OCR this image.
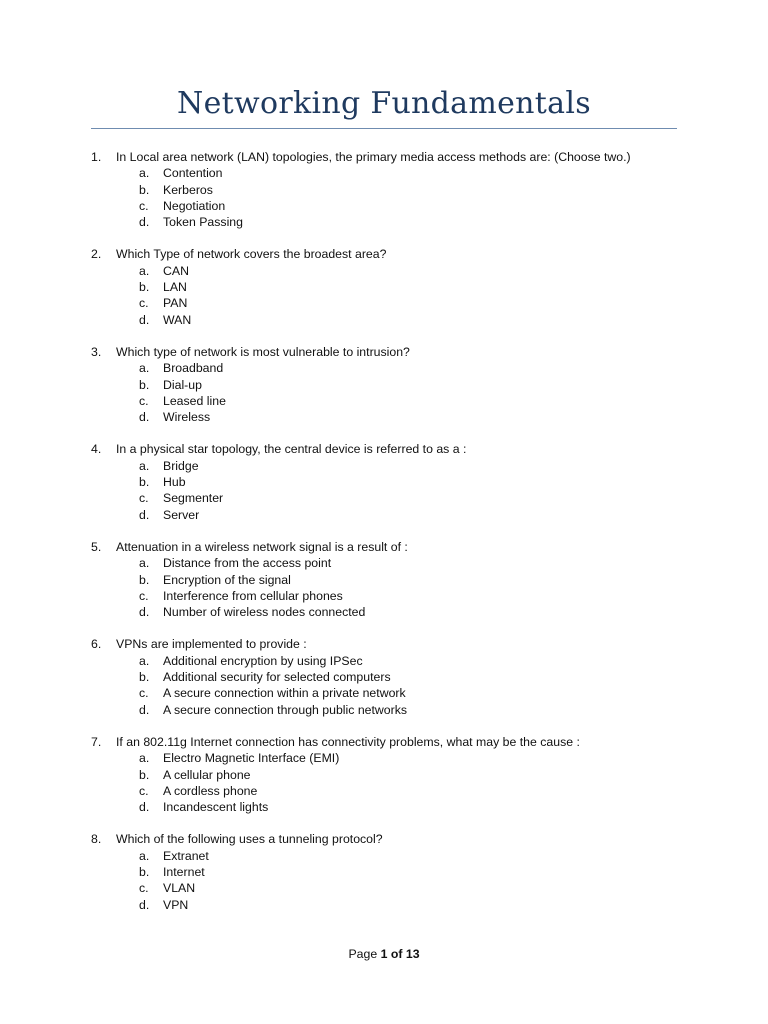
Networking Fundamentals
1.	In Local area network (LAN) topologies, the primary media access methods are: (Choose two.)
a.	Contention
b.	Kerberos
c.	Negotiation
d.	Token Passing
2.	Which Type of network covers the broadest area?
a.	CAN
b.	LAN
c.	PAN
d.	WAN
3.	Which type of network is most vulnerable to intrusion?
a.	Broadband
b.	Dial-up
c.	Leased line
d.	Wireless
4.	In a physical star topology, the central device is referred to as a :
a.	Bridge
b.	Hub
c.	Segmenter
d.	Server
5.	Attenuation in a wireless network signal is a result of :
a.	Distance from the access point
b.	Encryption of the signal
c.	Interference from cellular phones
d.	Number of wireless nodes connected
6.	VPNs are implemented to provide :
a.	Additional encryption by using IPSec
b.	Additional security for selected computers
c.	A secure connection within a private network
d.	A secure connection through public networks
7.	If an 802.11g Internet connection has connectivity problems, what may be the cause :
a.	Electro Magnetic Interface (EMI)
b.	A cellular phone
c.	A cordless phone
d.	Incandescent lights
8.	Which of the following uses a tunneling protocol?
a.	Extranet
b.	Internet
c.	VLAN
d.	VPN
Page 1 of 13
